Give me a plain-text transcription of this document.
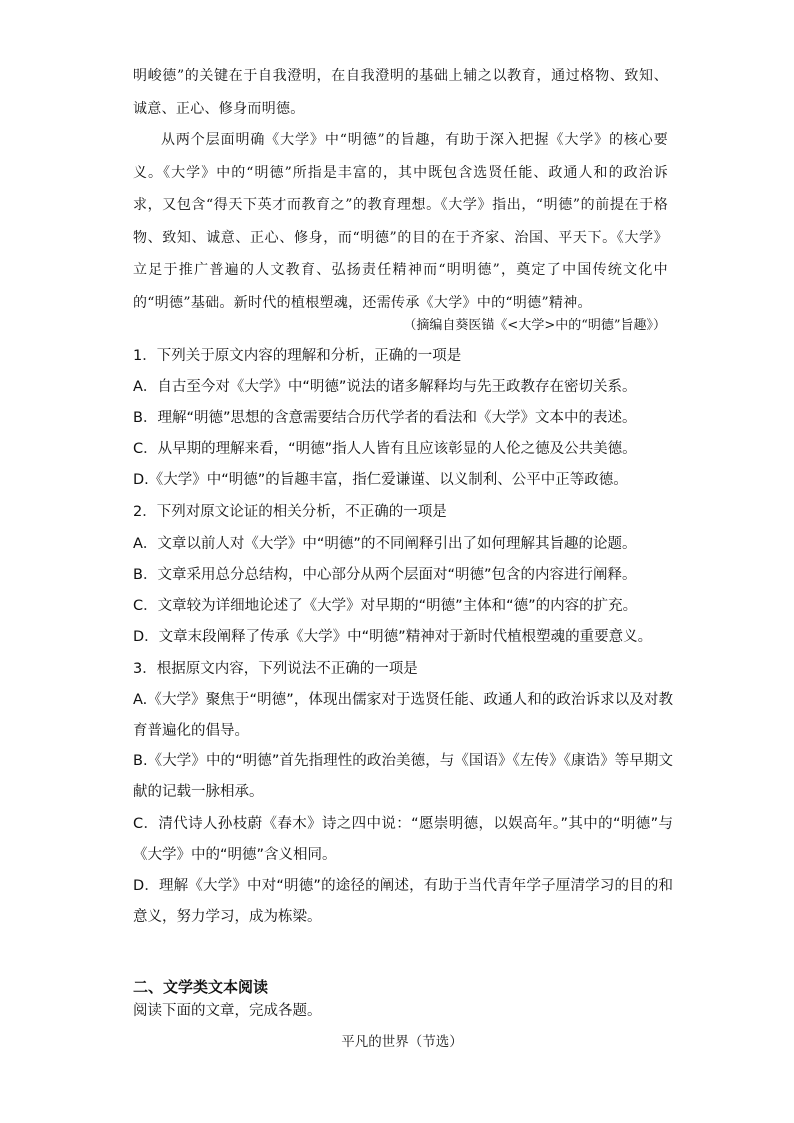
明峻德”的关键在于自我澄明，在自我澄明的基础上辅之以教育，通过格物、致知、诚意、正心、修身而明德。

从两个层面明确《大学》中“明德”的旨趣，有助于深入把握《大学》的核心要义。《大学》中的“明德”所指是丰富的，其中既包含选贤任能、政通人和的政治诉求，又包含“得天下英才而教育之”的教育理想。《大学》指出，“明德”的前提在于格物、致知、诚意、正心、修身，而“明德”的目的在于齐家、治国、平天下。《大学》立足于推广普遍的人文教育、弘扬责任精神而“明明德”，奠定了中国传统文化中的“明德”基础。新时代的植根塑魂，还需传承《大学》中的“明德”精神。

（摘编自葵医锚《<大学>中的“明德”旨趣》）

1．下列关于原文内容的理解和分析，正确的一项是

A．自古至今对《大学》中“明德”说法的诸多解释均与先王政教存在密切关系。

B．理解“明德”思想的含意需要结合历代学者的看法和《大学》文本中的表述。

C．从早期的理解来看，“明德”指人人皆有且应该彰显的人伦之德及公共美德。

D.《大学》中“明德”的旨趣丰富，指仁爱谦谨、以义制利、公平中正等政德。

2．下列对原文论证的相关分析，不正确的一项是

A．文章以前人对《大学》中“明德”的不同阐释引出了如何理解其旨趣的论题。

B．文章采用总分总结构，中心部分从两个层面对“明德”包含的内容进行阐释。

C．文章较为详细地论述了《大学》对早期的“明德”主体和“德”的内容的扩充。

D．文章末段阐释了传承《大学》中“明德”精神对于新时代植根塑魂的重要意义。

3．根据原文内容，下列说法不正确的一项是

A.《大学》聚焦于“明德”，体现出儒家对于选贤任能、政通人和的政治诉求以及对教育普遍化的倡导。

B.《大学》中的“明德”首先指理性的政治美德，与《国语》《左传》《康诰》等早期文献的记载一脉相承。

C．清代诗人孙枝蔚《春木》诗之四中说：“愿崇明德，以娱高年。”其中的“明德”与《大学》中的“明德”含义相同。

D．理解《大学》中对“明德”的途径的阐述，有助于当代青年学子厘清学习的目的和意义，努力学习，成为栋梁。

二、文学类文本阅读

阅读下面的文章，完成各题。

平凡的世界（节选）
